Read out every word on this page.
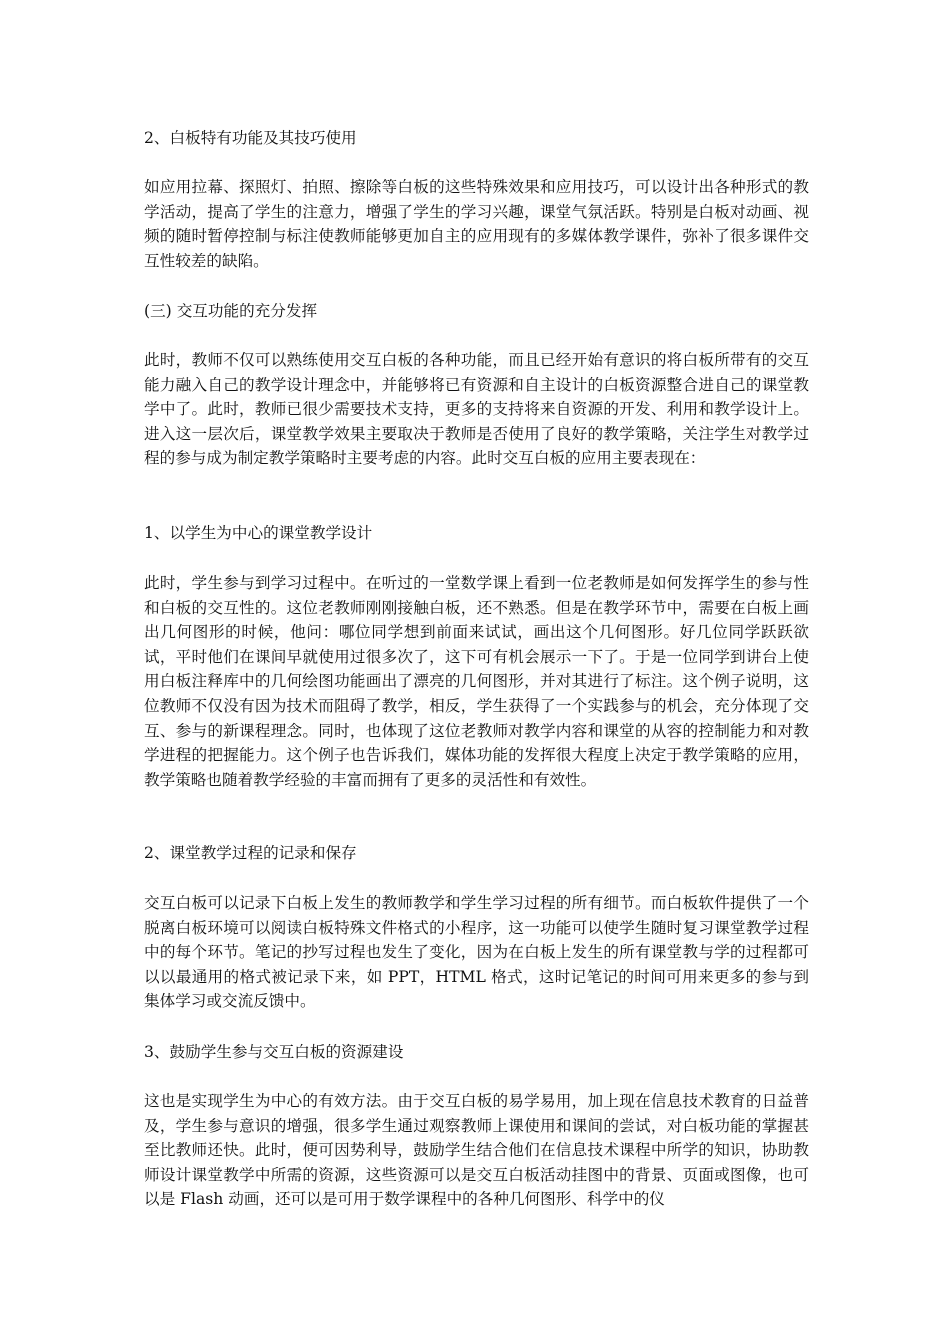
2、白板特有功能及其技巧使用

如应用拉幕、探照灯、拍照、擦除等白板的这些特殊效果和应用技巧，可以设计出各种形式的教学活动，提高了学生的注意力，增强了学生的学习兴趣，课堂气氛活跃。特别是白板对动画、视频的随时暂停控制与标注使教师能够更加自主的应用现有的多媒体教学课件，弥补了很多课件交互性较差的缺陷。

(三) 交互功能的充分发挥

此时，教师不仅可以熟练使用交互白板的各种功能，而且已经开始有意识的将白板所带有的交互能力融入自己的教学设计理念中，并能够将已有资源和自主设计的白板资源整合进自己的课堂教学中了。此时，教师已很少需要技术支持，更多的支持将来自资源的开发、利用和教学设计上。进入这一层次后，课堂教学效果主要取决于教师是否使用了良好的教学策略，关注学生对教学过程的参与成为制定教学策略时主要考虑的内容。此时交互白板的应用主要表现在：

1、以学生为中心的课堂教学设计

此时，学生参与到学习过程中。在听过的一堂数学课上看到一位老教师是如何发挥学生的参与性和白板的交互性的。这位老教师刚刚接触白板，还不熟悉。但是在教学环节中，需要在白板上画出几何图形的时候，他问：哪位同学想到前面来试试，画出这个几何图形。好几位同学跃跃欲试，平时他们在课间早就使用过很多次了，这下可有机会展示一下了。于是一位同学到讲台上使用白板注释库中的几何绘图功能画出了漂亮的几何图形，并对其进行了标注。这个例子说明，这位教师不仅没有因为技术而阻碍了教学，相反，学生获得了一个实践参与的机会，充分体现了交互、参与的新课程理念。同时，也体现了这位老教师对教学内容和课堂的从容的控制能力和对教学进程的把握能力。这个例子也告诉我们，媒体功能的发挥很大程度上决定于教学策略的应用，教学策略也随着教学经验的丰富而拥有了更多的灵活性和有效性。

2、课堂教学过程的记录和保存

交互白板可以记录下白板上发生的教师教学和学生学习过程的所有细节。而白板软件提供了一个脱离白板环境可以阅读白板特殊文件格式的小程序，这一功能可以使学生随时复习课堂教学过程中的每个环节。笔记的抄写过程也发生了变化，因为在白板上发生的所有课堂教与学的过程都可以以最通用的格式被记录下来，如 PPT，HTML 格式，这时记笔记的时间可用来更多的参与到集体学习或交流反馈中。

3、鼓励学生参与交互白板的资源建设

这也是实现学生为中心的有效方法。由于交互白板的易学易用，加上现在信息技术教育的日益普及，学生参与意识的增强，很多学生通过观察教师上课使用和课间的尝试，对白板功能的掌握甚至比教师还快。此时，便可因势利导，鼓励学生结合他们在信息技术课程中所学的知识，协助教师设计课堂教学中所需的资源，这些资源可以是交互白板活动挂图中的背景、页面或图像，也可以是 Flash 动画，还可以是可用于数学课程中的各种几何图形、科学中的仪
